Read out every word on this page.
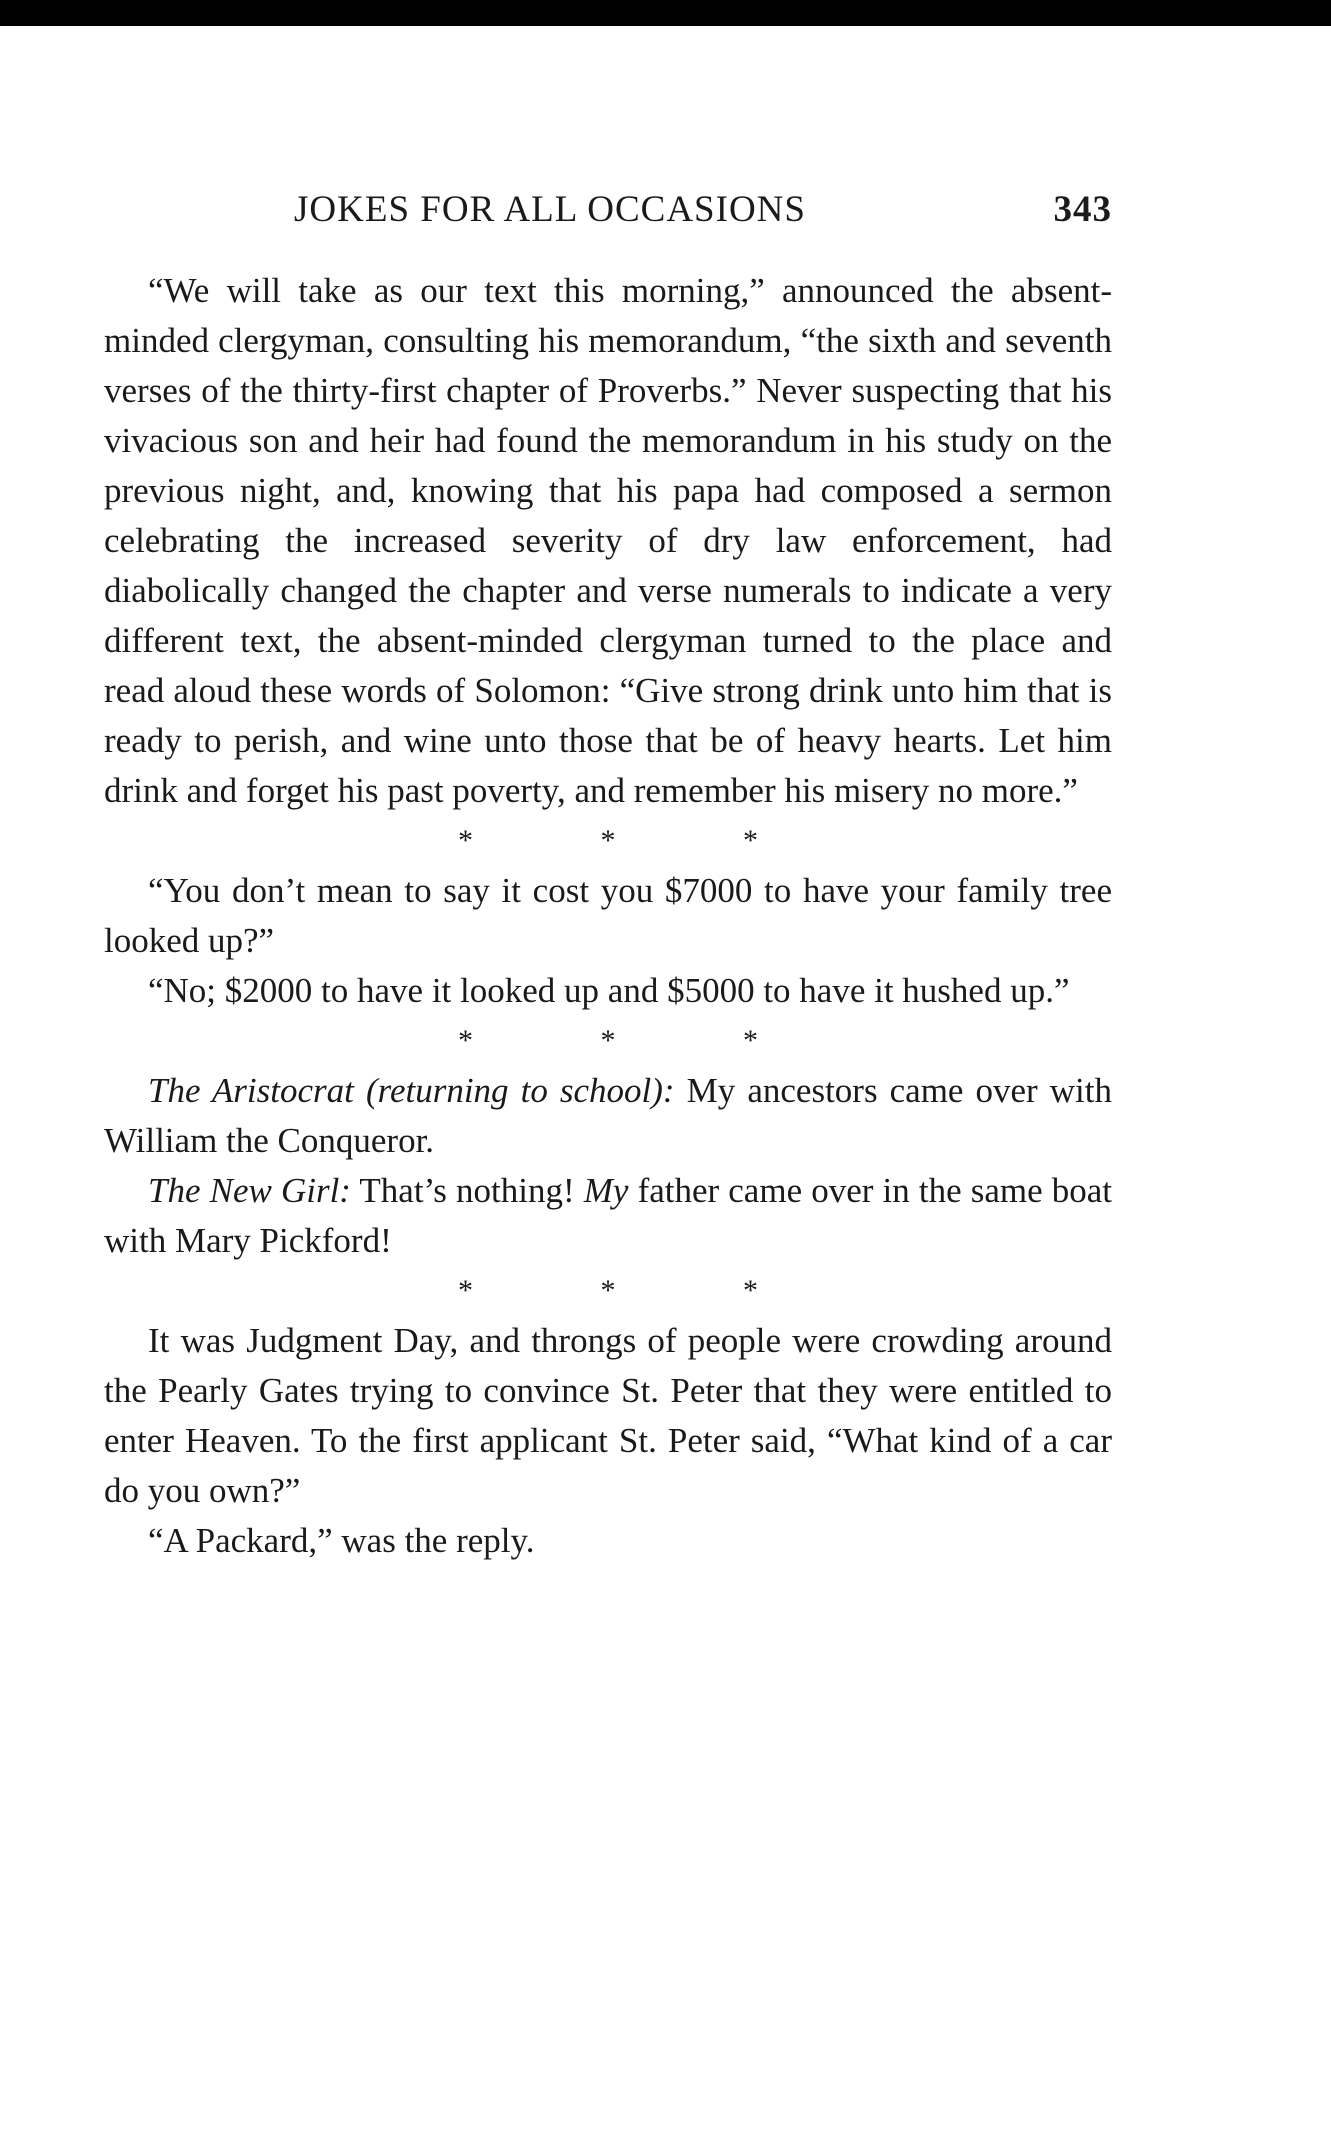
JOKES FOR ALL OCCASIONS	343

“We will take as our text this morning,” announced the absent-minded clergyman, consulting his memorandum, “the sixth and seventh verses of the thirty-first chapter of Proverbs.” Never suspecting that his vivacious son and heir had found the memorandum in his study on the previous night, and, knowing that his papa had composed a sermon celebrating the increased severity of dry law enforcement, had diabolically changed the chapter and verse numerals to indicate a very different text, the absent-minded clergyman turned to the place and read aloud these words of Solomon: “Give strong drink unto him that is ready to perish, and wine unto those that be of heavy hearts. Let him drink and forget his past poverty, and remember his misery no more.”

* * *

“You don’t mean to say it cost you $7000 to have your family tree looked up?”

“No; $2000 to have it looked up and $5000 to have it hushed up.”

* * *

The Aristocrat (returning to school): My ancestors came over with William the Conqueror.

The New Girl: That’s nothing! My father came over in the same boat with Mary Pickford!

* * *

It was Judgment Day, and throngs of people were crowding around the Pearly Gates trying to convince St. Peter that they were entitled to enter Heaven. To the first applicant St. Peter said, “What kind of a car do you own?”

“A Packard,” was the reply.
